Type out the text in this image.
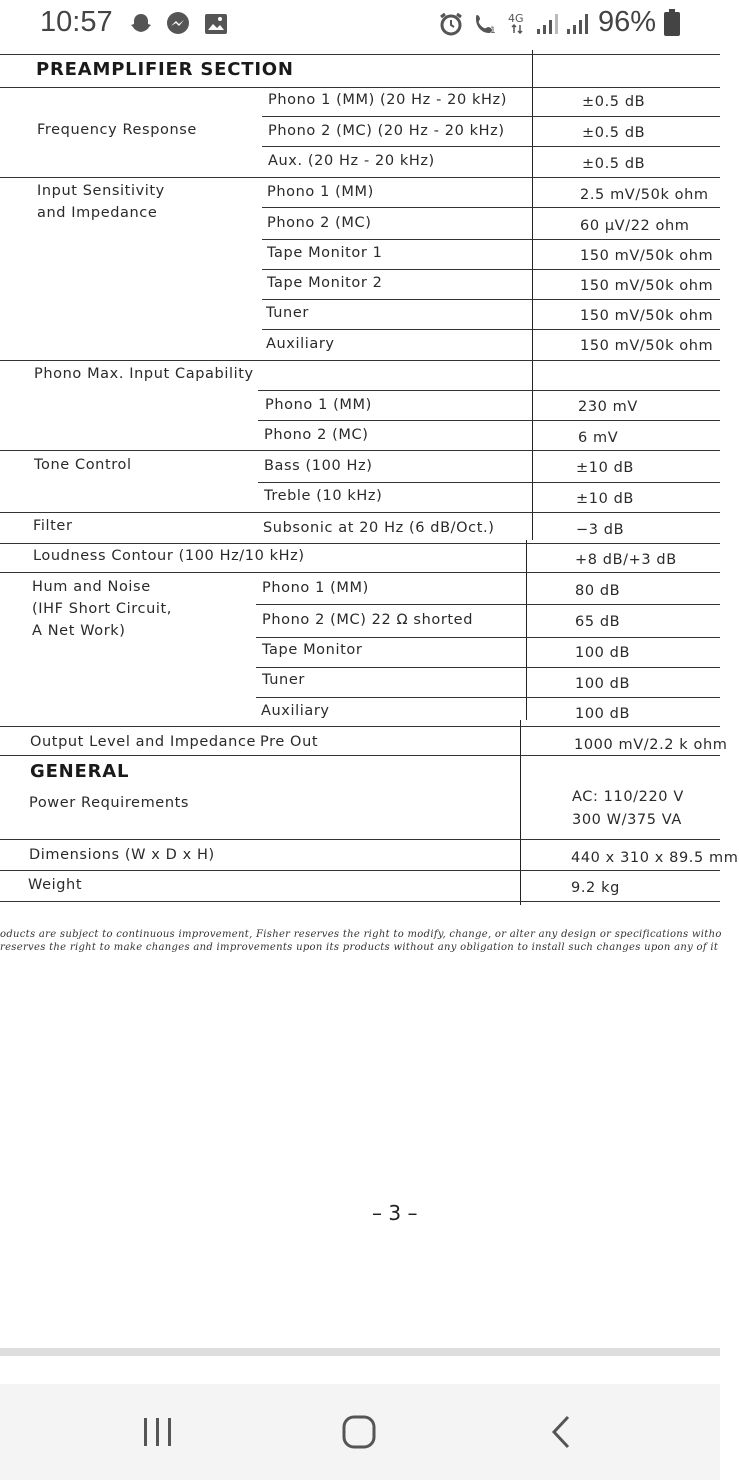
10:57	1
4G	96%
PREAMPLIFIER SECTION
Frequency Response
Phono 1 (MM) (20 Hz - 20 kHz)	±0.5 dB
Phono 2 (MC) (20 Hz - 20 kHz)	±0.5 dB
Aux. (20 Hz - 20 kHz)	±0.5 dB
Input Sensitivity
and Impedance
Phono 1 (MM)	2.5 mV/50k ohm
Phono 2 (MC)	60 µV/22 ohm
Tape Monitor 1	150 mV/50k ohm
Tape Monitor 2	150 mV/50k ohm
Tuner	150 mV/50k ohm
Auxiliary	150 mV/50k ohm
Phono Max. Input Capability
Phono 1 (MM)	230 mV
Phono 2 (MC)	6 mV
Tone Control	Bass (100 Hz)	±10 dB
Treble (10 kHz)	±10 dB
Filter	Subsonic at 20 Hz (6 dB/Oct.)	−3 dB
Loudness Contour (100 Hz/10 kHz)	+8 dB/+3 dB
Hum and Noise
(IHF Short Circuit,
A Net Work)
Phono 1 (MM)	80 dB
Phono 2 (MC) 22 Ω shorted	65 dB
Tape Monitor	100 dB
Tuner	100 dB
Auxiliary	100 dB
Output Level and Impedance Pre Out	1000 mV/2.2 k ohm
GENERAL
Power Requirements	AC: 110/220 V
300 W/375 VA
Dimensions (W x D x H)	440 x 310 x 89.5 mm
Weight	9.2 kg
oducts are subject to continuous improvement, Fisher reserves the right to modify, change, or alter any design or specifications witho
reserves the right to make changes and improvements upon its products without any obligation to install such changes upon any of it
– 3 –
